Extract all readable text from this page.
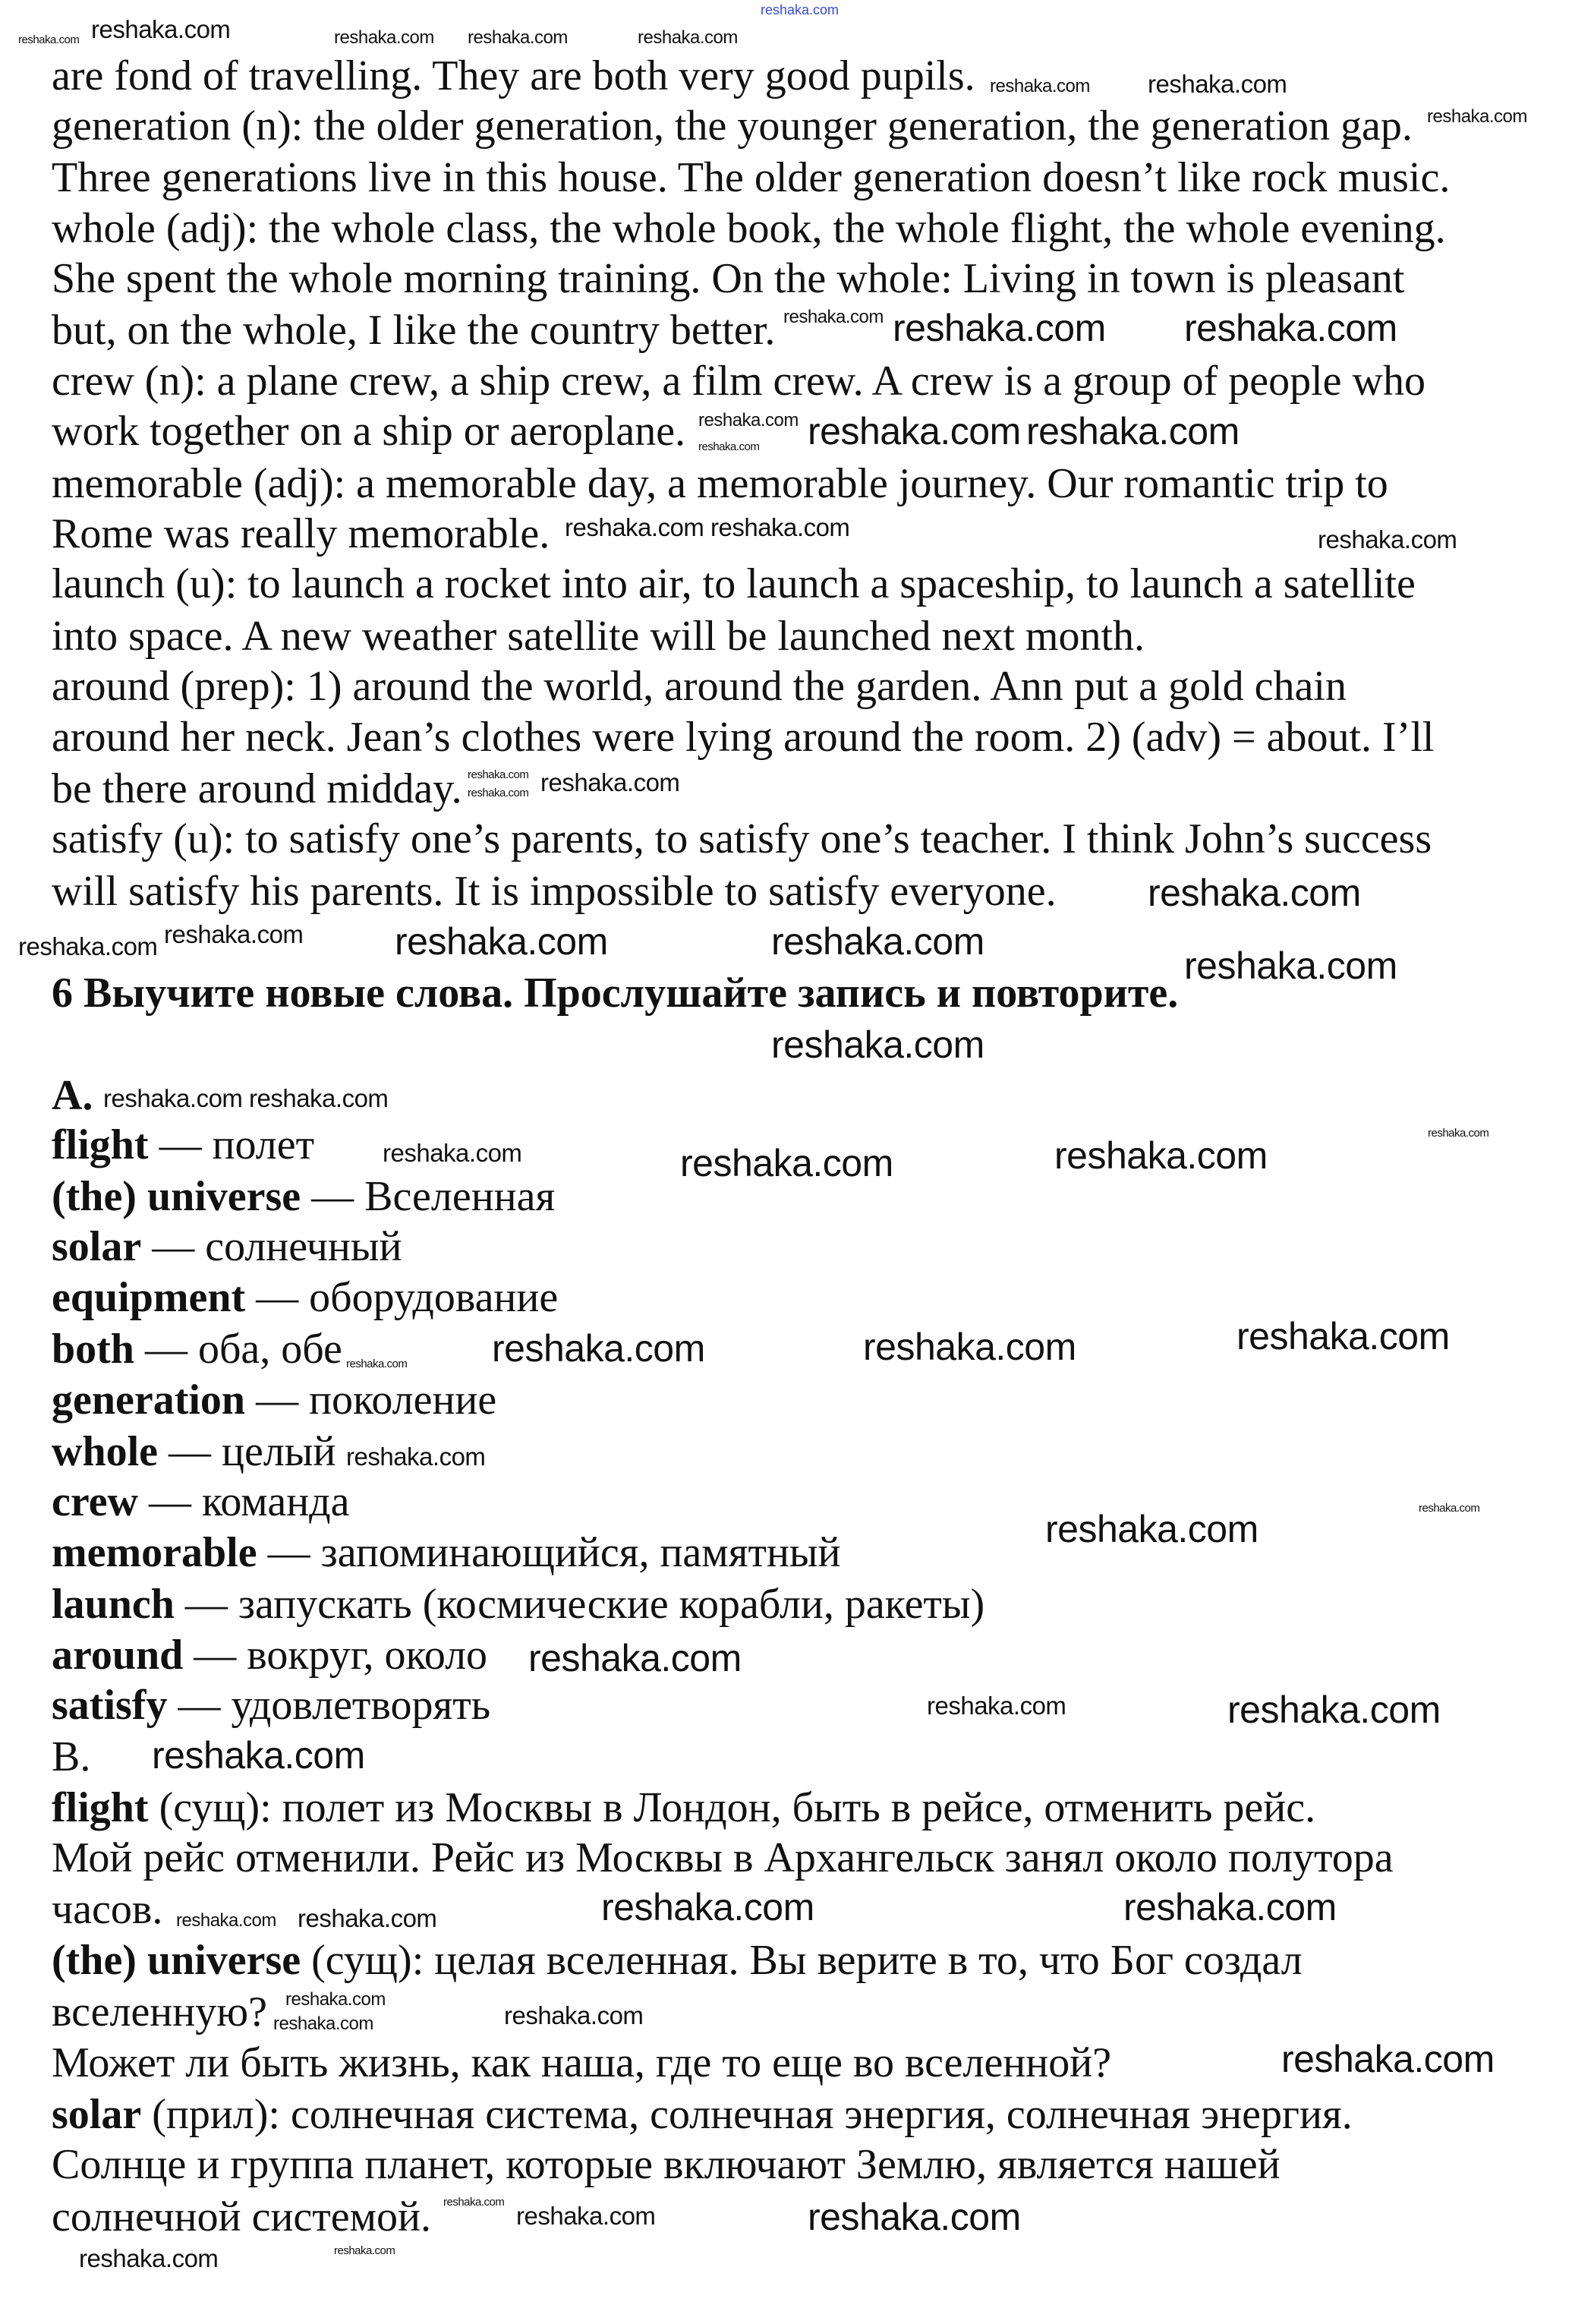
reshaka.com
are fond of travelling. They are both very good pupils.
generation (n): the older generation, the younger generation, the generation gap.
Three generations live in this house. The older generation doesn’t like rock music.
whole (adj): the whole class, the whole book, the whole flight, the whole evening.
She spent the whole morning training. On the whole: Living in town is pleasant
but, on the whole, I like the country better.
crew (n): a plane crew, a ship crew, a film crew. A crew is a group of people who
work together on a ship or aeroplane.
memorable (adj): a memorable day, a memorable journey. Our romantic trip to
Rome was really memorable.
launch (u): to launch a rocket into air, to launch a spaceship, to launch a satellite
into space. A new weather satellite will be launched next month.
around (prep): 1) around the world, around the garden. Ann put a gold chain
around her neck. Jean’s clothes were lying around the room. 2) (adv) = about. I’ll
be there around midday.
satisfy (u): to satisfy one’s parents, to satisfy one’s teacher. I think John’s success
will satisfy his parents. It is impossible to satisfy everyone.
6 Выучите новые слова. Прослушайте запись и повторите.
A.
flight — полет
(the) universe — Вселенная
solar — солнечный
equipment — оборудование
both — оба, обе
generation — поколение
whole — целый
crew — команда
memorable — запоминающийся, памятный
launch — запускать (космические корабли, ракеты)
around — вокруг, около
satisfy — удовлетворять
B.
flight (сущ): полет из Москвы в Лондон, быть в рейсе, отменить рейс.
Мой рейс отменили. Рейс из Москвы в Архангельск занял около полутора
часов.
(the) universe (сущ): целая вселенная. Вы верите в то, что Бог создал
вселенную?
Может ли быть жизнь, как наша, где то еще во вселенной?
solar (прил): солнечная система, солнечная энергия, солнечная энергия.
Солнце и группа планет, которые включают Землю, является нашей
солнечной системой.
reshaka.com
reshaka.com
reshaka.com
reshaka.com
reshaka.com
reshaka.com
reshaka.com
reshaka.com
reshaka.com
reshaka.com reshaka.com
reshaka.com
reshaka.com
reshaka.com
reshaka.com reshaka.com reshaka.com
reshaka.com
reshaka.com
reshaka.com
reshaka.com
reshaka.com
reshaka.com
reshaka.com
reshaka.com	reshaka.com
reshaka.com
reshaka.com
reshaka.com
reshaka.com
reshaka.com	reshaka.com	reshaka.com
reshaka.com
reshaka.com reshaka.com	reshaka.com	reshaka.com
reshaka.com
reshaka.com
reshaka.com
reshaka.com
reshaka.com	reshaka.com
reshaka.com
reshaka.com	reshaka.com
reshaka.com reshaka.com
reshaka.com
reshaka.com
reshaka.com
reshaka.com
reshaka.com
reshaka.com	reshaka.com
reshaka.com
reshaka.com
